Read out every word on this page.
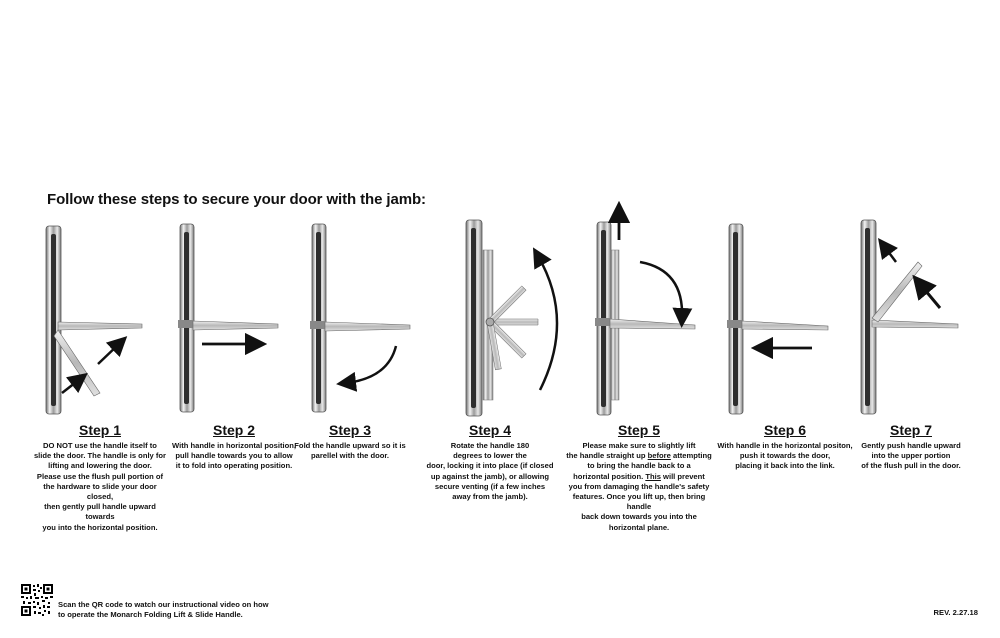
Follow these steps to secure your door with the jamb:
Step 1

DO NOT use the handle itself to
slide the door. The handle is only for
lifting and lowering the door.
Please use the flush pull portion of
the hardware to slide your door closed,
then gently pull handle upward towards
you into the horizontal position.

Step 2

With handle in horizontal position,
pull handle towards you to allow
it to fold into operating position.

Step 3

Fold the handle upward so it is
parellel with the door.

Step 4

Rotate the handle 180
degrees to lower the
door, locking it into place (if closed
up against the jamb), or allowing
secure venting (if a few inches
away from the jamb).

Step 5

Please make sure to slightly lift
the handle straight up before attempting
to bring the handle back to a
horizontal position. This will prevent
you from damaging the handle's safety
features. Once you lift up, then bring handle
back down towards you into the
horizontal plane.

Step 6

With handle in the horizontal positon,
push it towards the door,
placing it back into the link.

Step 7

Gently push handle upward
into the upper portion
of the flush pull in the door.

Scan the QR code to watch our instructional video on how
to operate the Monarch Folding Lift & Slide Handle.	REV. 2.27.18
